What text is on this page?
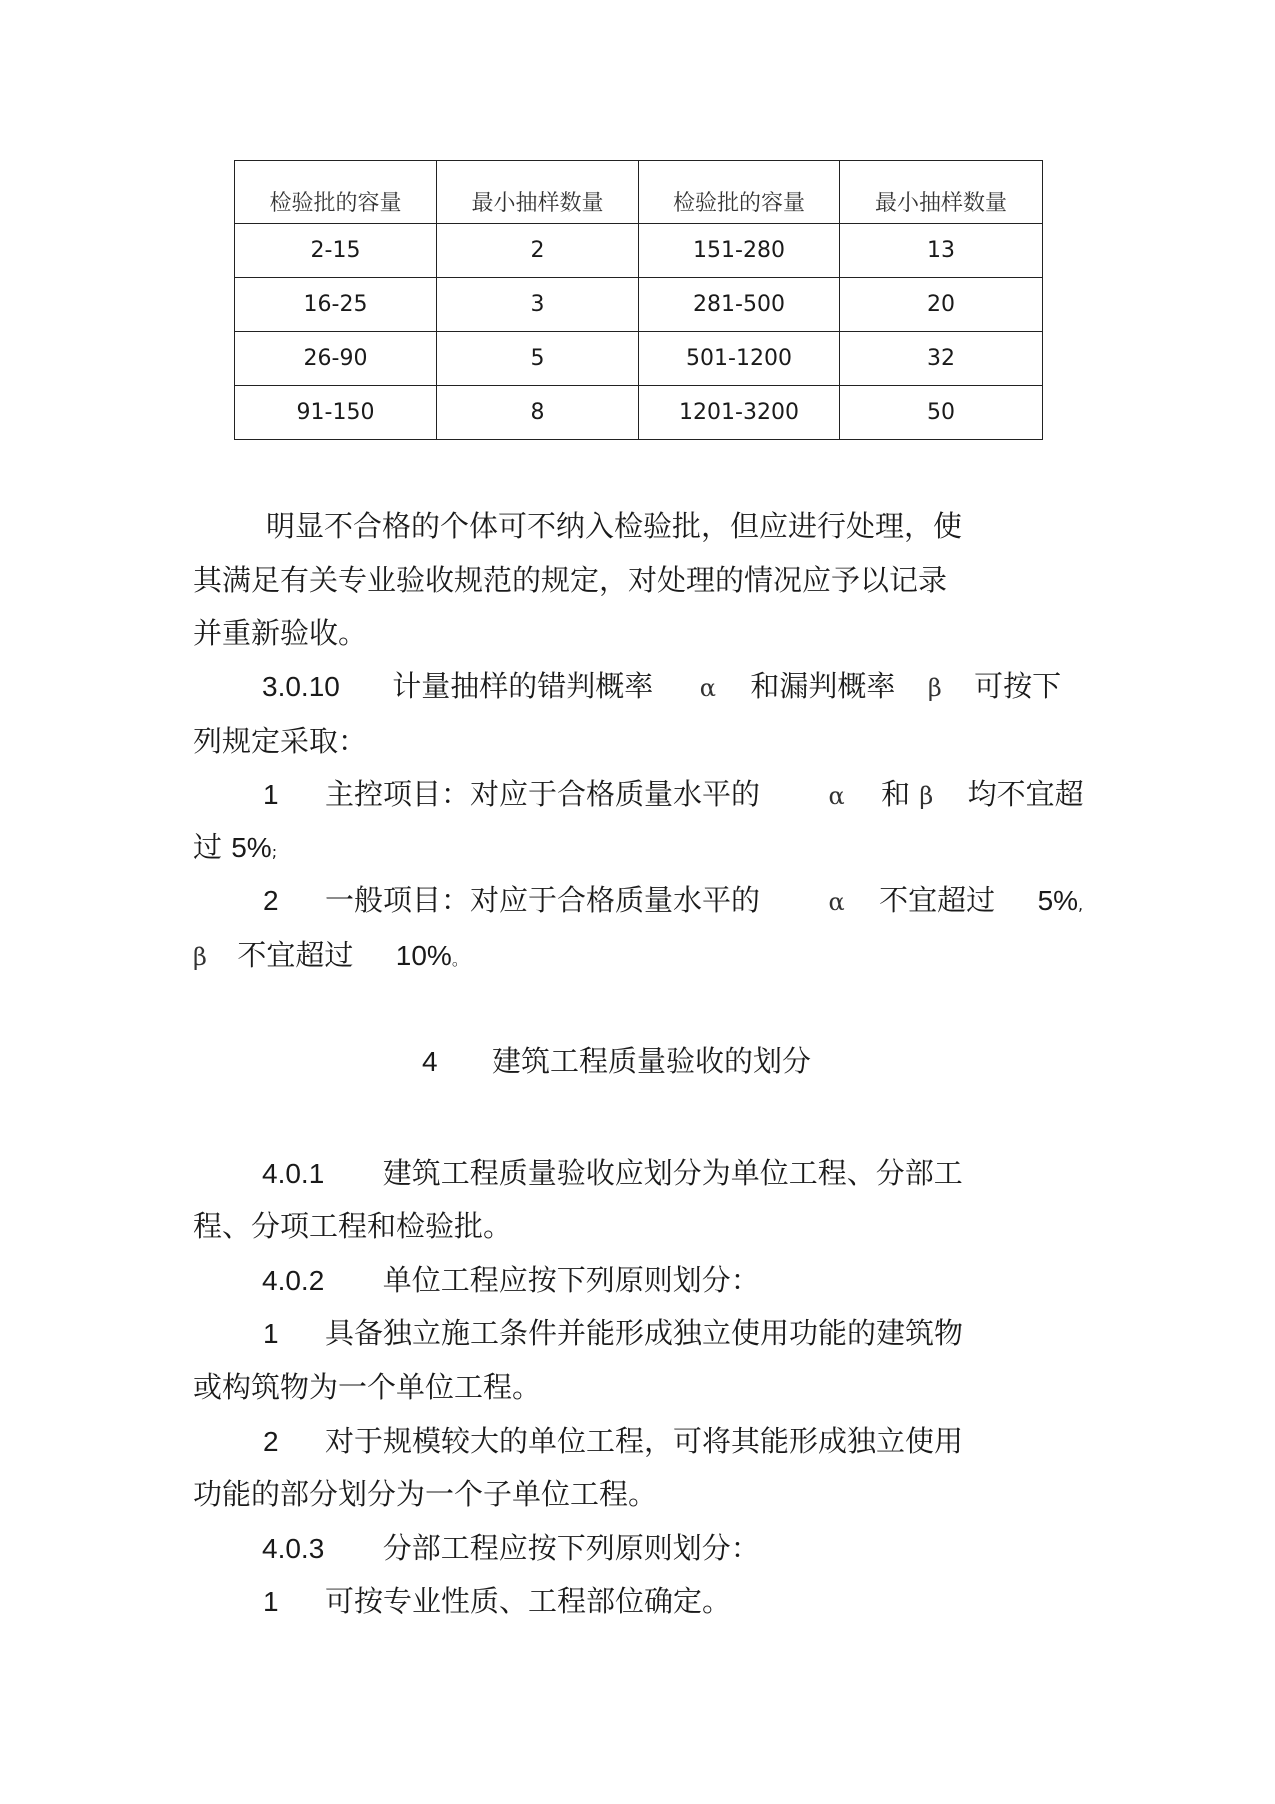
检验批的容量	最小抽样数量	检验批的容量	最小抽样数量
2-15	2	151-280	13
16-25	3	281-500	20
26-90	5	501-1200	32
91-150	8	1201-3200	50
明显不合格的个体可不纳入检验批，但应进行处理，使
其满足有关专业验收规范的规定，对处理的情况应予以记录
并重新验收。
3.0.10 计量抽样的错判概率 α 和漏判概率 β 可按下
列规定采取：
1 主控项目：对应于合格质量水平的	α 和 β 均不宜超
过 5%;
2 一般项目：对应于合格质量水平的	α 不宜超过 5%,
β 不宜超过 10%。
4 建筑工程质量验收的划分
4.0.1 建筑工程质量验收应划分为单位工程、分部工
程、分项工程和检验批。
4.0.2 单位工程应按下列原则划分：
1 具备独立施工条件并能形成独立使用功能的建筑物
或构筑物为一个单位工程。
2 对于规模较大的单位工程，可将其能形成独立使用
功能的部分划分为一个子单位工程。
4.0.3 分部工程应按下列原则划分：
1 可按专业性质、工程部位确定。
